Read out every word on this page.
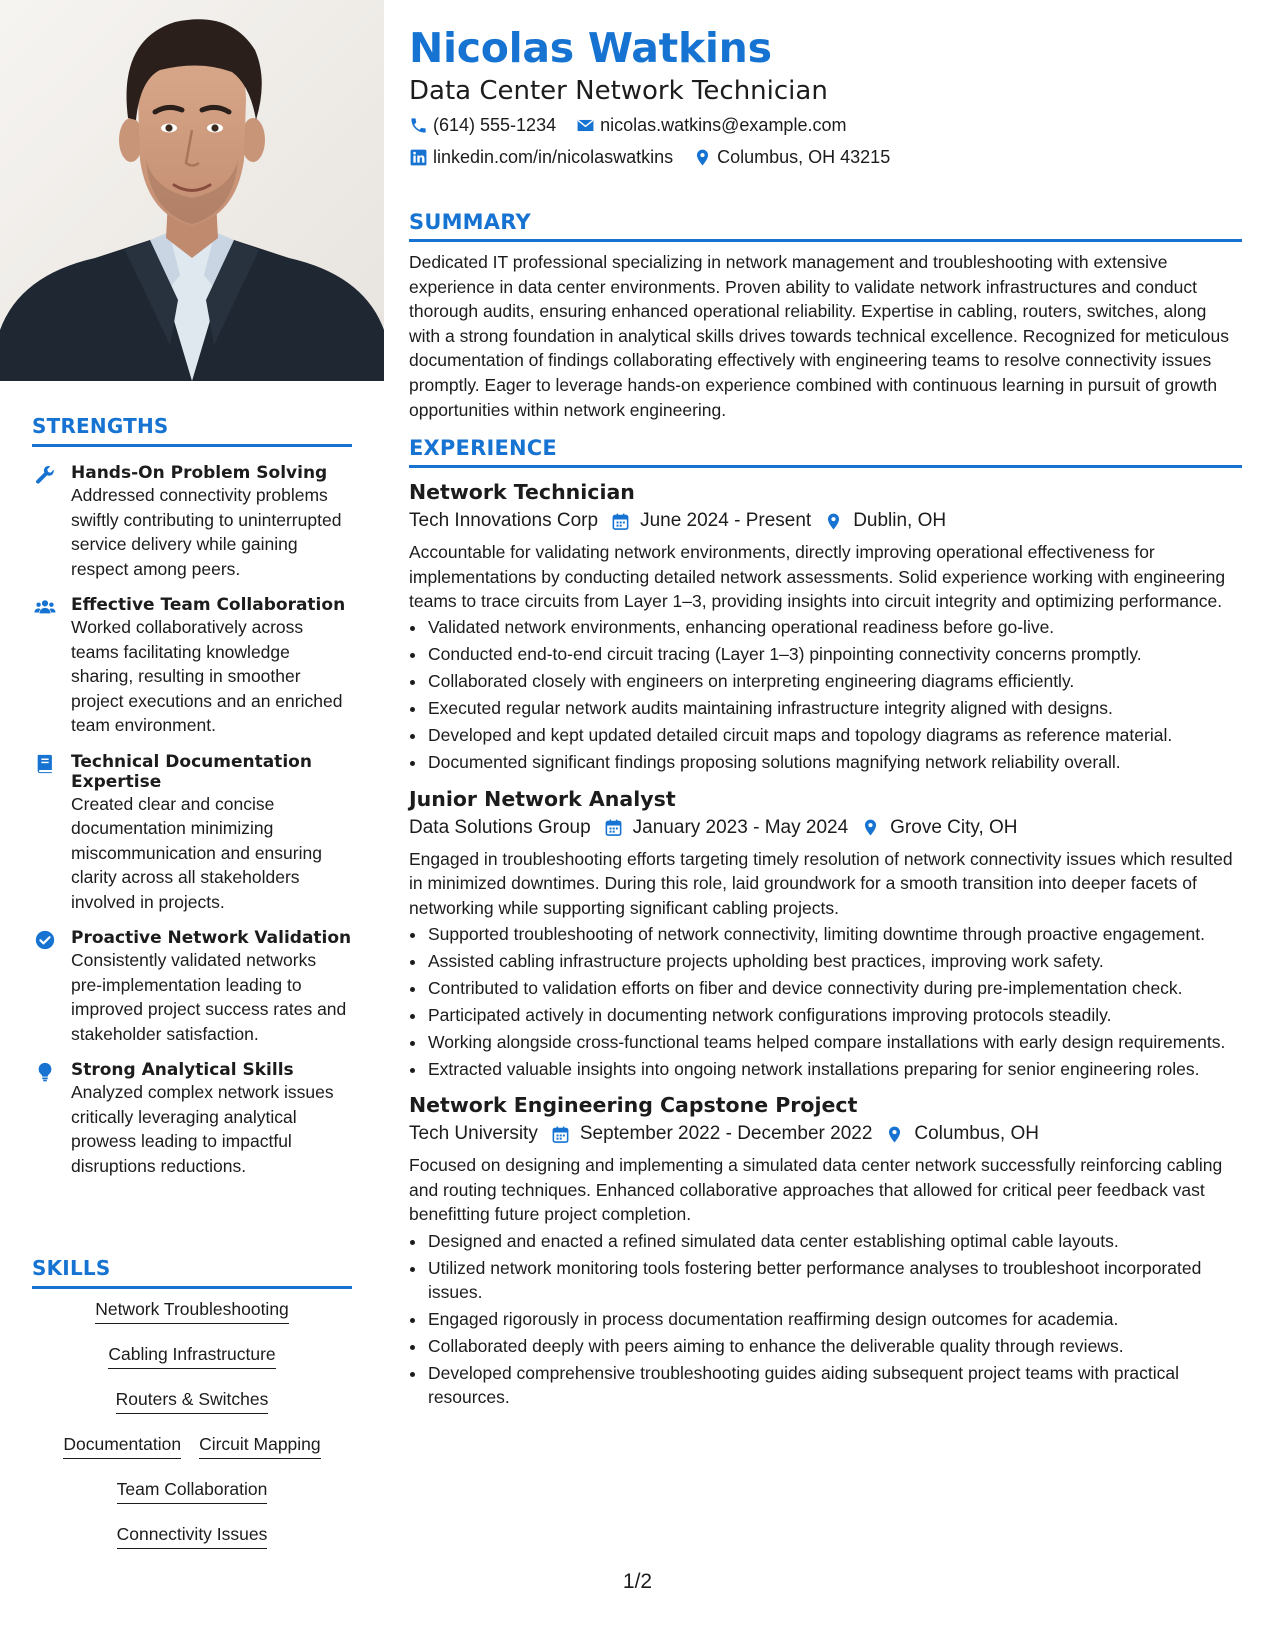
STRENGTHS
Hands-On Problem Solving
Addressed connectivity problems swiftly contributing to uninterrupted service delivery while gaining respect among peers.
Effective Team Collaboration
Worked collaboratively across teams facilitating knowledge sharing, resulting in smoother project executions and an enriched team environment.
Technical Documentation Expertise
Created clear and concise documentation minimizing miscommunication and ensuring clarity across all stakeholders involved in projects.
Proactive Network Validation
Consistently validated networks pre-implementation leading to improved project success rates and stakeholder satisfaction.
Strong Analytical Skills
Analyzed complex network issues critically leveraging analytical prowess leading to impactful disruptions reductions.
SKILLS
Network Troubleshooting
Cabling Infrastructure
Routers & Switches
Documentation Circuit Mapping
Team Collaboration
Connectivity Issues
Nicolas Watkins
Data Center Network Technician
(614) 555-1234 nicolas.watkins@example.com
linkedin.com/in/nicolaswatkins Columbus, OH 43215
SUMMARY

Dedicated IT professional specializing in network management and troubleshooting with extensive experience in data center environments. Proven ability to validate network infrastructures and conduct thorough audits, ensuring enhanced operational reliability. Expertise in cabling, routers, switches, along with a strong foundation in analytical skills drives towards technical excellence. Recognized for meticulous documentation of findings collaborating effectively with engineering teams to resolve connectivity issues promptly. Eager to leverage hands-on experience combined with continuous learning in pursuit of growth opportunities within network engineering.

EXPERIENCE
Network Technician
Tech Innovations Corp June 2024 - Present Dublin, OH

Accountable for validating network environments, directly improving operational effectiveness for implementations by conducting detailed network assessments. Solid experience working with engineering teams to trace circuits from Layer 1–3, providing insights into circuit integrity and optimizing performance.

• Validated network environments, enhancing operational readiness before go-live.
• Conducted end-to-end circuit tracing (Layer 1–3) pinpointing connectivity concerns promptly.
• Collaborated closely with engineers on interpreting engineering diagrams efficiently.
• Executed regular network audits maintaining infrastructure integrity aligned with designs.
• Developed and kept updated detailed circuit maps and topology diagrams as reference material.
• Documented significant findings proposing solutions magnifying network reliability overall.
Junior Network Analyst
Data Solutions Group January 2023 - May 2024 Grove City, OH

Engaged in troubleshooting efforts targeting timely resolution of network connectivity issues which resulted in minimized downtimes. During this role, laid groundwork for a smooth transition into deeper facets of networking while supporting significant cabling projects.

• Supported troubleshooting of network connectivity, limiting downtime through proactive engagement.
• Assisted cabling infrastructure projects upholding best practices, improving work safety.
• Contributed to validation efforts on fiber and device connectivity during pre-implementation check.
• Participated actively in documenting network configurations improving protocols steadily.
• Working alongside cross-functional teams helped compare installations with early design requirements.
• Extracted valuable insights into ongoing network installations preparing for senior engineering roles.
Network Engineering Capstone Project
Tech University September 2022 - December 2022 Columbus, OH

Focused on designing and implementing a simulated data center network successfully reinforcing cabling and routing techniques. Enhanced collaborative approaches that allowed for critical peer feedback vast benefitting future project completion.

• Designed and enacted a refined simulated data center establishing optimal cable layouts.
• Utilized network monitoring tools fostering better performance analyses to troubleshoot incorporated issues.
• Engaged rigorously in process documentation reaffirming design outcomes for academia.
• Collaborated deeply with peers aiming to enhance the deliverable quality through reviews.
• Developed comprehensive troubleshooting guides aiding subsequent project teams with practical resources.
1/2
